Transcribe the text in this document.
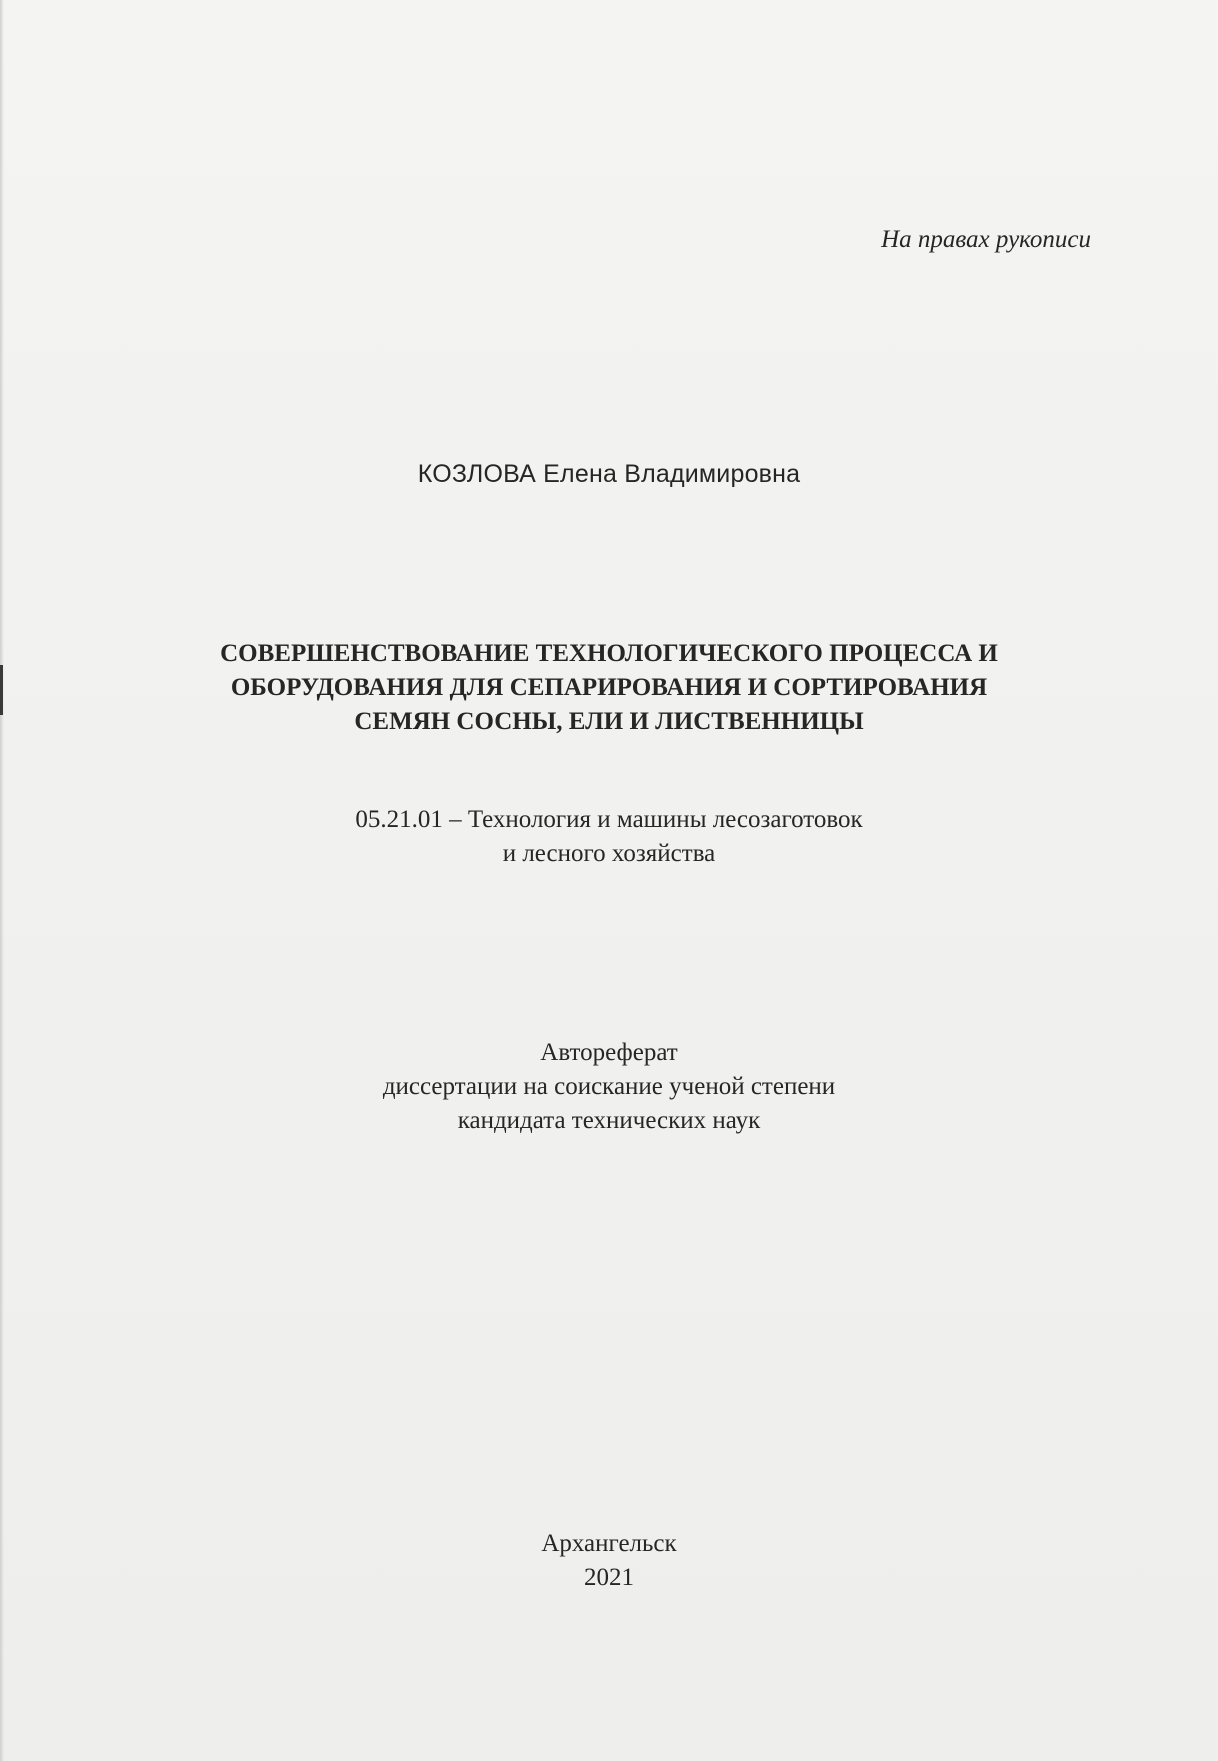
На правах рукописи
КОЗЛОВА Елена Владимировна
СОВЕРШЕНСТВОВАНИЕ ТЕХНОЛОГИЧЕСКОГО ПРОЦЕССА И
ОБОРУДОВАНИЯ ДЛЯ СЕПАРИРОВАНИЯ И СОРТИРОВАНИЯ
СЕМЯН СОСНЫ, ЕЛИ И ЛИСТВЕННИЦЫ
05.21.01 – Технология и машины лесозаготовок
и лесного хозяйства
Автореферат
диссертации на соискание ученой степени
кандидата технических наук
Архангельск
2021
